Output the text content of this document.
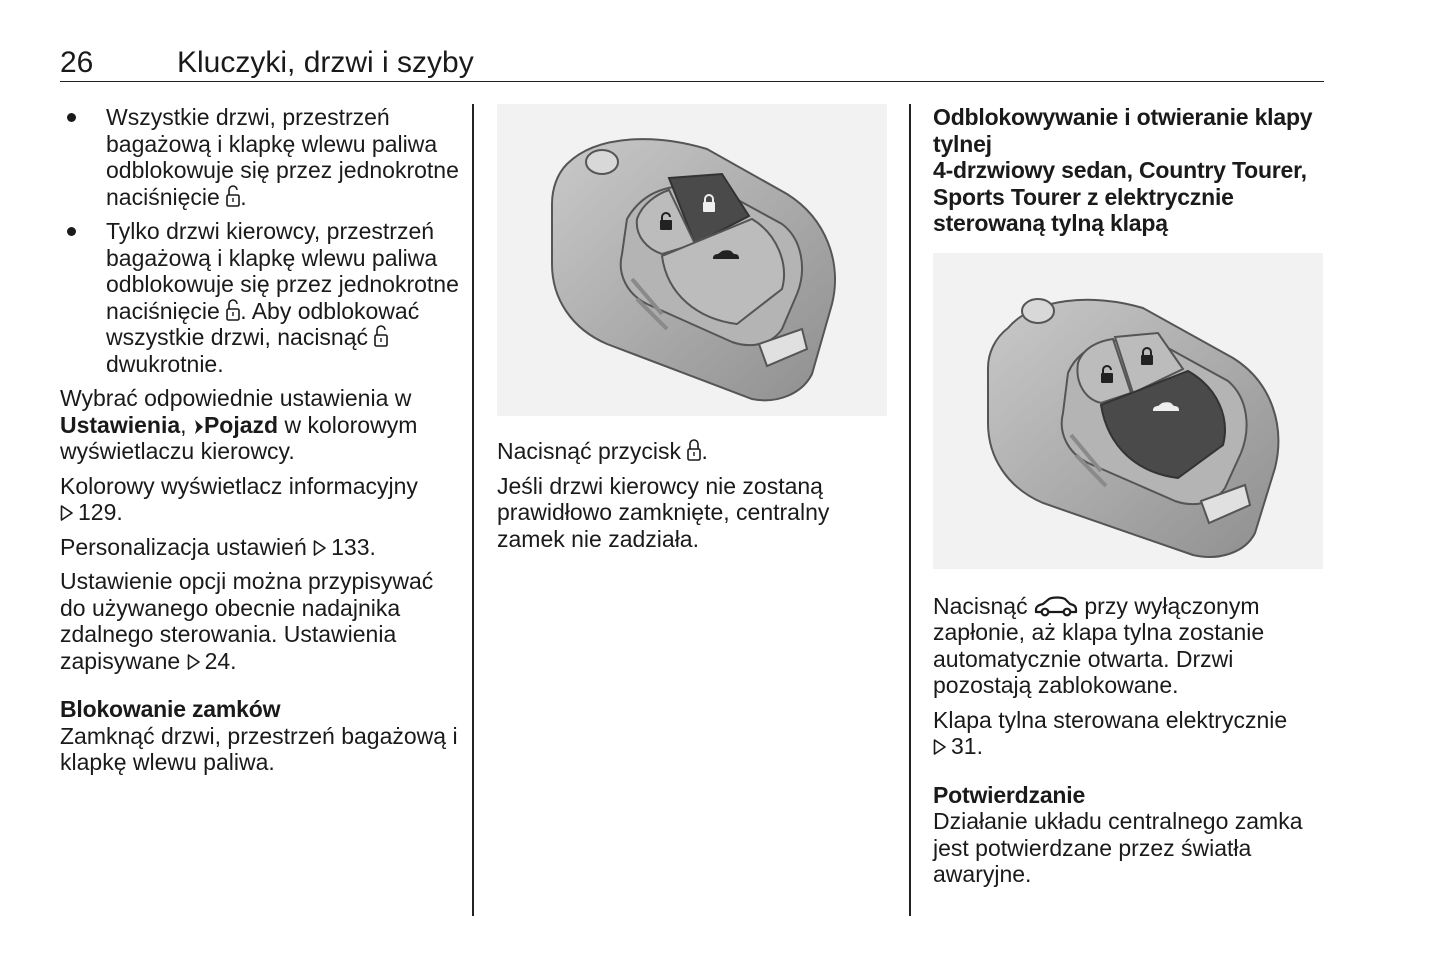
26	Kluczyki, drzwi i szyby
Wszystkie drzwi, przestrzeń bagażową i klapkę wlewu paliwa odblokowuje się przez jednokrotne naciśnięcie .
Tylko drzwi kierowcy, przestrzeń bagażową i klapkę wlewu paliwa odblokowuje się przez jednokrotne naciśnięcie . Aby odblokować wszystkie drzwi, nacisnąć  dwukrotnie.

Wybrać odpowiednie ustawienia w Ustawienia, Pojazd w kolorowym wyświetlaczu kierowcy.

Kolorowy wyświetlacz informacyjny
129.

Personalizacja ustawień 133.

Ustawienie opcji można przypisywać do używanego obecnie nadajnika zdalnego sterowania. Ustawienia zapisywane 24.

Blokowanie zamków
Zamknąć drzwi, przestrzeń bagażową i klapkę wlewu paliwa.

Nacisnąć przycisk .

Jeśli drzwi kierowcy nie zostaną prawidłowo zamknięte, centralny zamek nie zadziała.

Odblokowywanie i otwieranie klapy tylnej
4-drzwiowy sedan, Country Tourer, Sports Tourer z elektrycznie sterowaną tylną klapą

Nacisnąć  przy wyłączonym zapłonie, aż klapa tylna zostanie automatycznie otwarta. Drzwi pozostają zablokowane.

Klapa tylna sterowana elektrycznie
31.

Potwierdzanie
Działanie układu centralnego zamka jest potwierdzane przez światła awaryjne.
